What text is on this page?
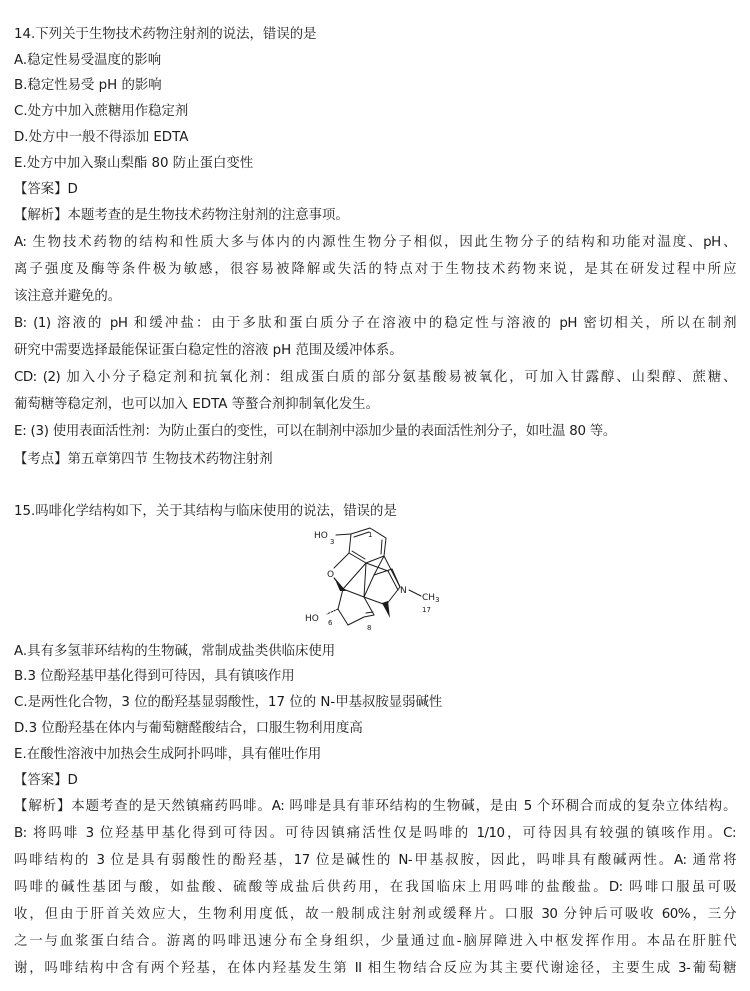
14.下列关于生物技术药物注射剂的说法，错误的是
A.稳定性易受温度的影响
B.稳定性易受 pH 的影响
C.处方中加入蔗糖用作稳定剂
D.处方中一般不得添加 EDTA
E.处方中加入聚山梨酯 80 防止蛋白变性
【答案】D
【解析】本题考查的是生物技术药物注射剂的注意事项。
A: 生物技术药物的结构和性质大多与体内的内源性生物分子相似，因此生物分子的结构和功能对温度、pH、
离子强度及酶等条件极为敏感，很容易被降解或失活的特点对于生物技术药物来说，是其在研发过程中所应
该注意并避免的。
B: (1) 溶液的 pH 和缓冲盐：由于多肽和蛋白质分子在溶液中的稳定性与溶液的 pH 密切相关，所以在制剂
研究中需要选择最能保证蛋白稳定性的溶液 pH 范围及缓冲体系。
CD: (2) 加入小分子稳定剂和抗氧化剂：组成蛋白质的部分氨基酸易被氧化，可加入甘露醇、山梨醇、蔗糖、
葡萄糖等稳定剂，也可以加入 EDTA 等螯合剂抑制氧化发生。
E: (3) 使用表面活性剂：为防止蛋白的变性，可以在制剂中添加少量的表面活性剂分子，如吐温 80 等。
【考点】第五章第四节 生物技术药物注射剂
15.吗啡化学结构如下，关于其结构与临床使用的说法，错误的是
HO
O
N
$CH_3$
HO
3
1
17
6
8
A.具有多氢菲环结构的生物碱，常制成盐类供临床使用
B.3 位酚羟基甲基化得到可待因，具有镇咳作用
C.是两性化合物，3 位的酚羟基显弱酸性，17 位的 N-甲基叔胺显弱碱性
D.3 位酚羟基在体内与葡萄糖醛酸结合，口服生物利用度高
E.在酸性溶液中加热会生成阿扑吗啡，具有催吐作用
【答案】D
【解析】本题考查的是天然镇痛药吗啡。A: 吗啡是具有菲环结构的生物碱，是由 5 个环稠合而成的复杂立体结构。
B: 将吗啡 3 位羟基甲基化得到可待因。可待因镇痛活性仅是吗啡的 1/10，可待因具有较强的镇咳作用。C:
吗啡结构的 3 位是具有弱酸性的酚羟基，17 位是碱性的 N-甲基叔胺，因此，吗啡具有酸碱两性。A: 通常将
吗啡的碱性基团与酸，如盐酸、硫酸等成盐后供药用，在我国临床上用吗啡的盐酸盐。D: 吗啡口服虽可吸
收，但由于肝首关效应大，生物利用度低，故一般制成注射剂或缓释片。口服 30 分钟后可吸收 60%，三分
之一与血浆蛋白结合。游离的吗啡迅速分布全身组织，少量通过血-脑屏障进入中枢发挥作用。本品在肝脏代
谢，吗啡结构中含有两个羟基，在体内羟基发生第 II 相生物结合反应为其主要代谢途径，主要生成 3-葡萄糖
